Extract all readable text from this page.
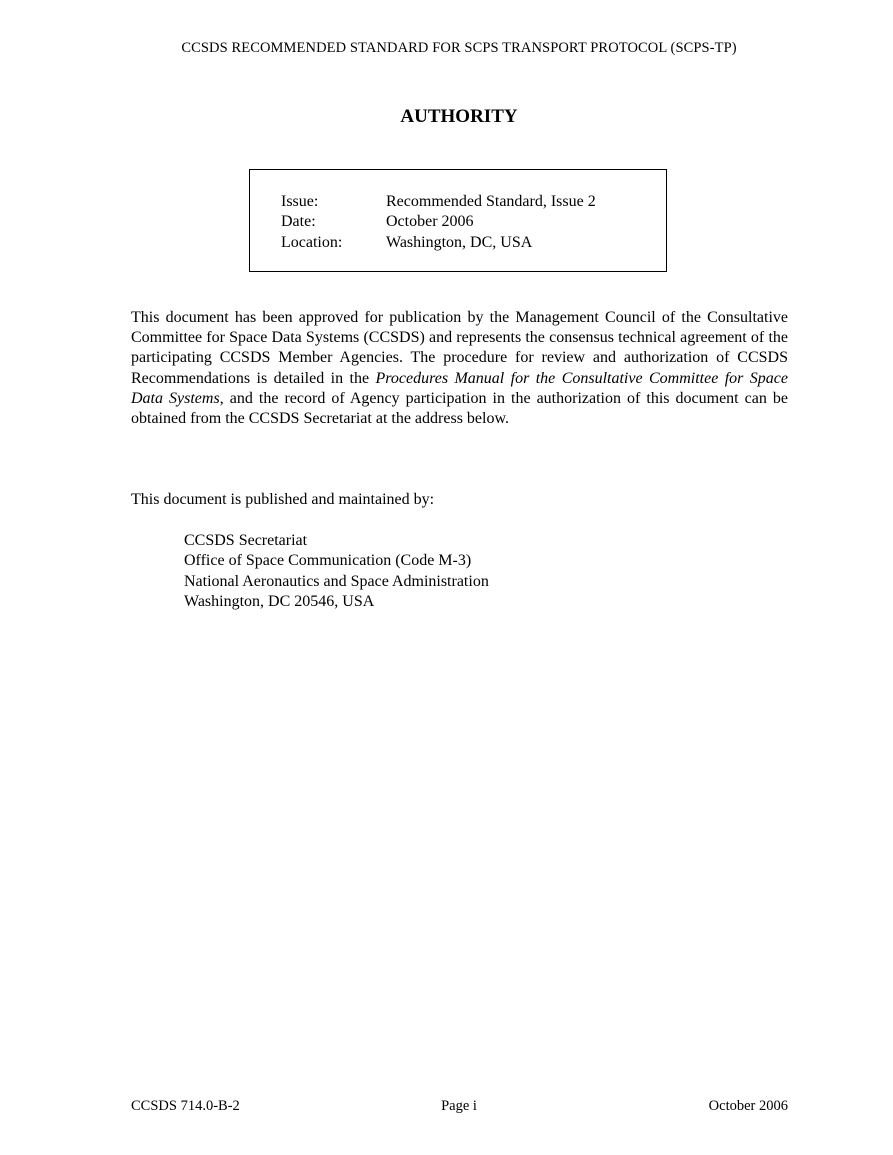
CCSDS RECOMMENDED STANDARD FOR SCPS TRANSPORT PROTOCOL (SCPS-TP)
AUTHORITY
Issue:	Recommended Standard, Issue 2
Date:	October 2006
Location:	Washington, DC, USA

This document has been approved for publication by the Management Council of the Consultative Committee for Space Data Systems (CCSDS) and represents the consensus technical agreement of the participating CCSDS Member Agencies. The procedure for review and authorization of CCSDS Recommendations is detailed in the Procedures Manual for the Consultative Committee for Space Data Systems, and the record of Agency participation in the authorization of this document can be obtained from the CCSDS Secretariat at the address below.

This document is published and maintained by:
CCSDS Secretariat
Office of Space Communication (Code M-3)
National Aeronautics and Space Administration
Washington, DC 20546, USA
CCSDS 714.0-B-2	Page i	October 2006
